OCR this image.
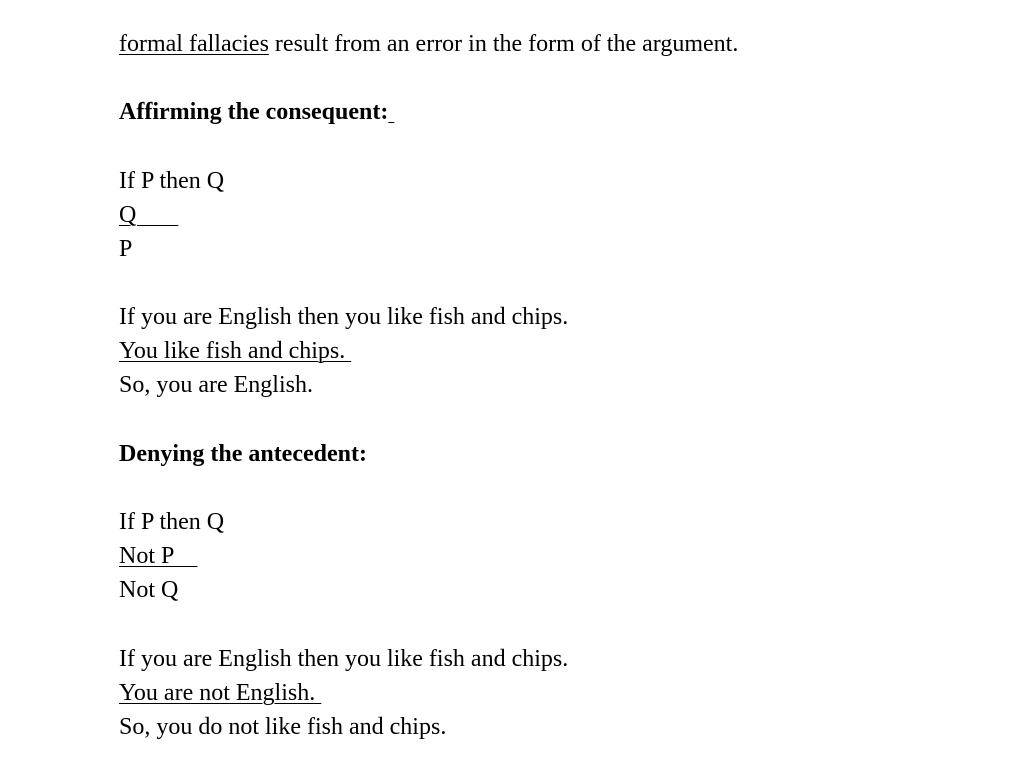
formal fallacies result from an error in the form of the argument.
Affirming the consequent:
If P then Q
Q
P
If you are English then you like fish and chips.
You like fish and chips.
So, you are English.
Denying the antecedent:
If P then Q
Not P
Not Q
If you are English then you like fish and chips.
You are not English.
So, you do not like fish and chips.
